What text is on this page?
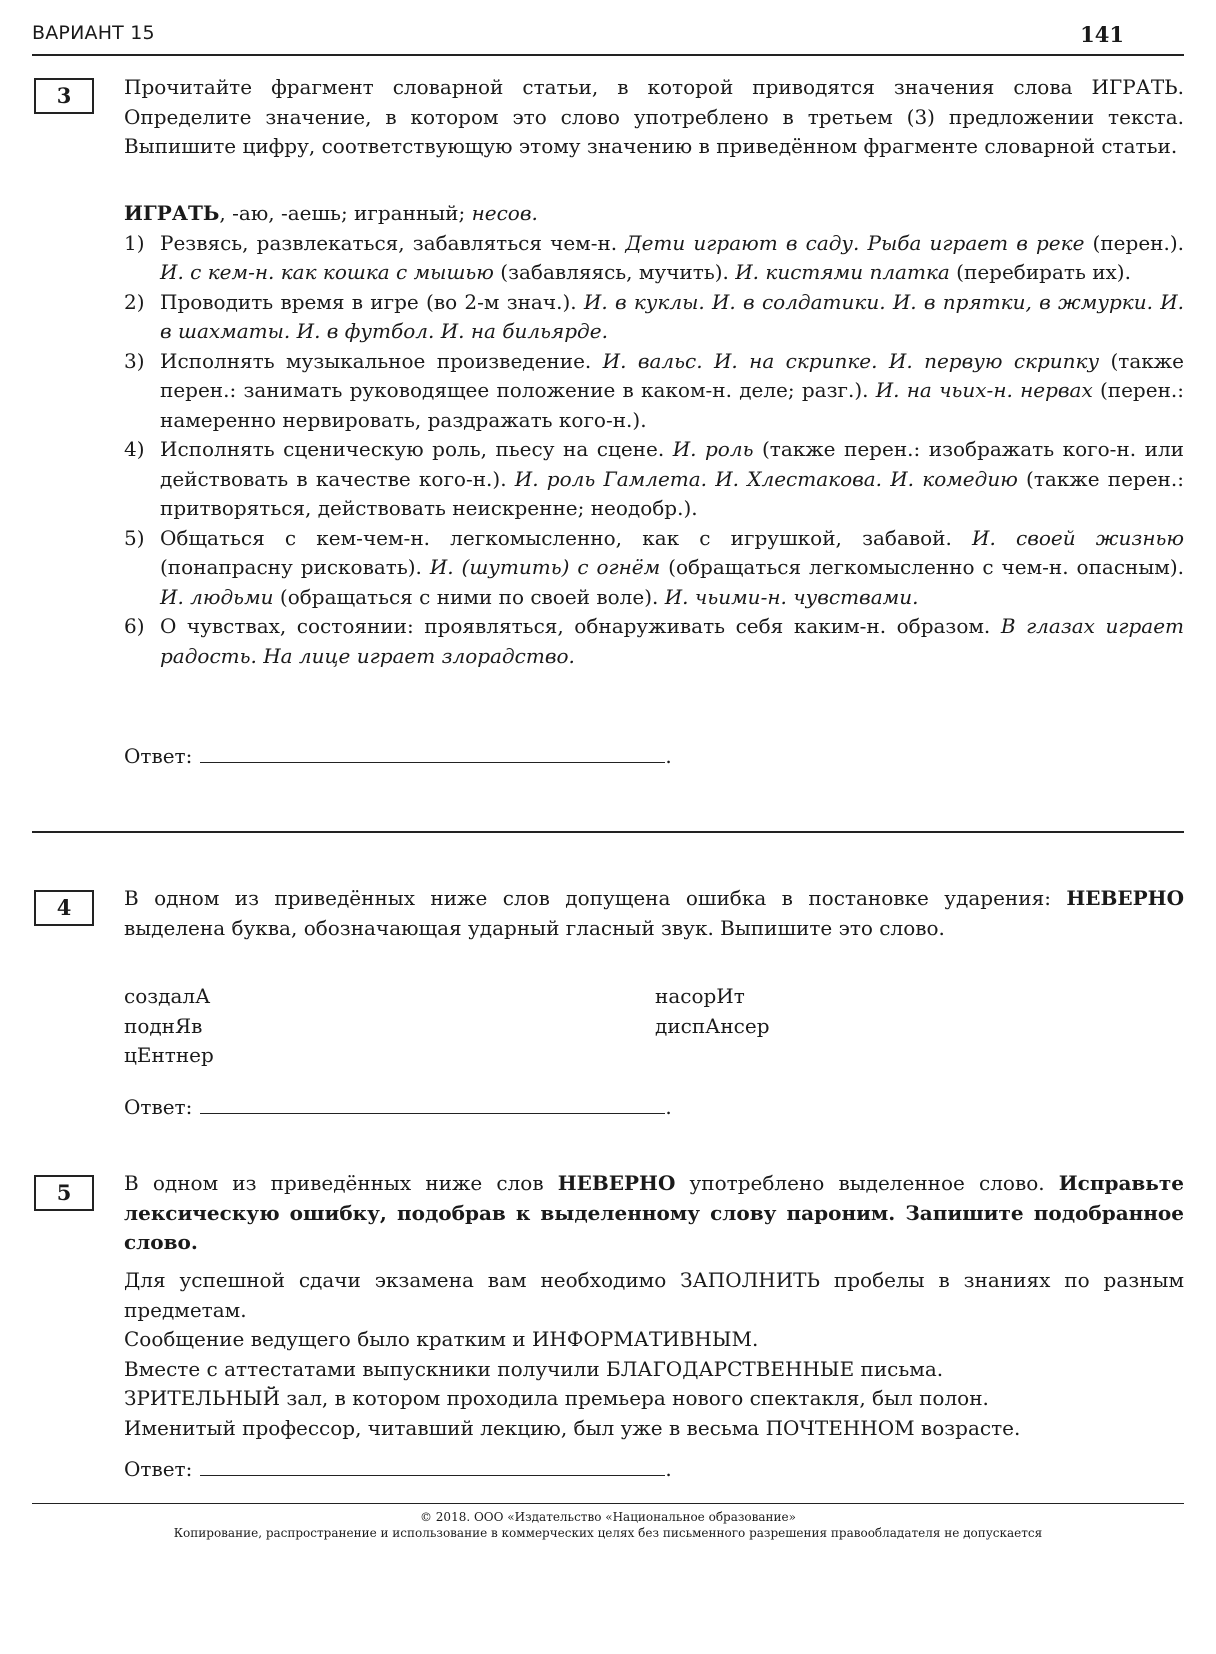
ВАРИАНТ 15	141
3	Прочитайте фрагмент словарной статьи, в которой приводятся значения слова ИГРАТЬ. Определите значение, в котором это слово употреблено в третьем (3) предложении текста. Выпишите цифру, соответствующую этому значению в приведённом фрагменте словарной статьи.
ИГРАТЬ, -аю, -аешь; игранный; несов.
1) Резвясь, развлекаться, забавляться чем-н. Дети играют в саду. Рыба играет в реке (перен.). И. с кем-н. как кошка с мышью (забавляясь, мучить). И. кистями платка (перебирать их).
2) Проводить время в игре (во 2-м знач.). И. в куклы. И. в солдатики. И. в прятки, в жмурки. И. в шахматы. И. в футбол. И. на бильярде.
3) Исполнять музыкальное произведение. И. вальс. И. на скрипке. И. первую скрипку (также перен.: занимать руководящее положение в каком-н. деле; разг.). И. на чьих-н. нервах (перен.: намеренно нервировать, раздражать кого-н.).
4) Исполнять сценическую роль, пьесу на сцене. И. роль (также перен.: изображать кого-н. или действовать в качестве кого-н.). И. роль Гамлета. И. Хлестакова. И. комедию (также перен.: притворяться, действовать неискренне; неодобр.).
5) Общаться с кем-чем-н. легкомысленно, как с игрушкой, забавой. И. своей жизнью (понапрасну рисковать). И. (шутить) с огнём (обращаться легкомысленно с чем-н. опасным). И. людьми (обращаться с ними по своей воле). И. чьими-н. чувствами.
6) О чувствах, состоянии: проявляться, обнаруживать себя каким-н. образом. В глазах играет радость. На лице играет злорадство.
Ответ:	.
4	В одном из приведённых ниже слов допущена ошибка в постановке ударения: НЕВЕРНО выделена буква, обозначающая ударный гласный звук. Выпишите это слово.
создалА
поднЯв
цЕнтнер
насорИт
диспАнсер
Ответ:	.
5	В одном из приведённых ниже слов НЕВЕРНО употреблено выделенное слово. Исправьте лексическую ошибку, подобрав к выделенному слову пароним. Запишите подобранное слово.
Для успешной сдачи экзамена вам необходимо ЗАПОЛНИТЬ пробелы в знаниях по разным предметам.
Сообщение ведущего было кратким и ИНФОРМАТИВНЫМ.
Вместе с аттестатами выпускники получили БЛАГОДАРСТВЕННЫЕ письма.
ЗРИТЕЛЬНЫЙ зал, в котором проходила премьера нового спектакля, был полон.
Именитый профессор, читавший лекцию, был уже в весьма ПОЧТЕННОМ возрасте.
Ответ:	.
© 2018. ООО «Издательство «Национальное образование»
Копирование, распространение и использование в коммерческих целях без письменного разрешения правообладателя не допускается
